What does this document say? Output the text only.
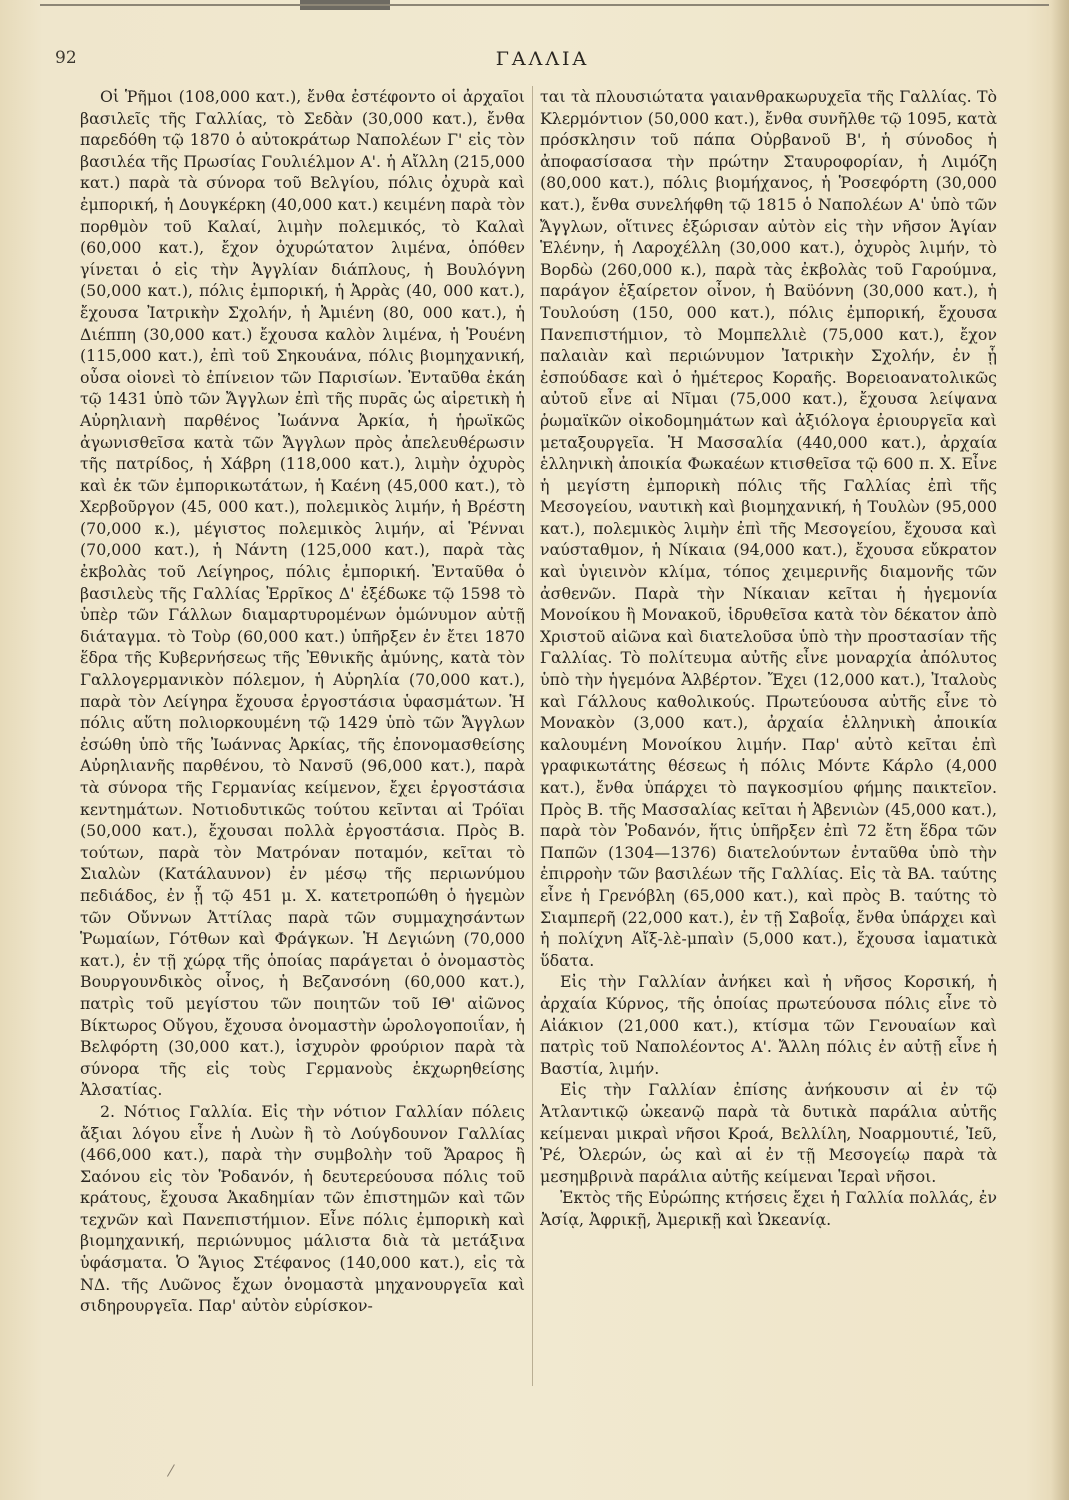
92	ΓΑΛΛΙΑ

Οἱ Ῥῆμοι (108,000 κατ.), ἔνθα ἐστέφοντο οἱ ἀρχαῖοι βασιλεῖς τῆς Γαλλίας, τὸ Σεδὰν (30,000 κατ.), ἔνθα παρεδόθη τῷ 1870 ὁ αὐτοκράτωρ Ναπολέων Γ' εἰς τὸν βασιλέα τῆς Πρωσίας Γουλιέλμον Α'. ἡ Αἴλλη (215,000 κατ.) παρὰ τὰ σύνορα τοῦ Βελγίου, πόλις ὀχυρὰ καὶ ἐμπορική, ἡ Δουγκέρκη (40,000 κατ.) κειμένη παρὰ τὸν πορθμὸν τοῦ Καλαί, λιμὴν πολεμικός, τὸ Καλαὶ (60,000 κατ.), ἔχον ὀχυρώτατον λιμένα, ὁπόθεν γίνεται ὁ εἰς τὴν Ἀγγλίαν διάπλους, ἡ Βουλόγνη (50,000 κατ.), πόλις ἐμπορική, ἡ Ἀρρὰς (40, 000 κατ.), ἔχουσα Ἰατρικὴν Σχολήν, ἡ Ἀμιένη (80, 000 κατ.), ἡ Διέππη (30,000 κατ.) ἔχουσα καλὸν λιμένα, ἡ Ῥουένη (115,000 κατ.), ἐπὶ τοῦ Σηκουάνα, πόλις βιομηχανική, οὖσα οἱονεὶ τὸ ἐπίνειον τῶν Παρισίων. Ἐνταῦθα ἐκάη τῷ 1431 ὑπὸ τῶν Ἄγγλων ἐπὶ τῆς πυρᾶς ὡς αἱρετικὴ ἡ Αὐρηλιανὴ παρθένος Ἰωάννα Ἀρκία, ἡ ἡρωϊκῶς ἀγωνισθεῖσα κατὰ τῶν Ἄγγλων πρὸς ἀπελευθέρωσιν τῆς πατρίδος, ἡ Χάβρη (118,000 κατ.), λιμὴν ὀχυρὸς καὶ ἐκ τῶν ἐμπορικωτάτων, ἡ Καένη (45,000 κατ.), τὸ Χερβοῦργον (45, 000 κατ.), πολεμικὸς λιμήν, ἡ Βρέστη (70,000 κ.), μέγιστος πολεμικὸς λιμήν, αἱ Ῥένναι (70,000 κατ.), ἡ Νάντη (125,000 κατ.), παρὰ τὰς ἐκβολὰς τοῦ Λείγηρος, πόλις ἐμπορική. Ἐνταῦθα ὁ βασιλεὺς τῆς Γαλλίας Ἐρρῖκος Δ' ἐξέδωκε τῷ 1598 τὸ ὑπὲρ τῶν Γάλλων διαμαρτυρομένων ὁμώνυμον αὐτῇ διάταγμα. τὸ Τοὺρ (60,000 κατ.) ὑπῆρξεν ἐν ἔτει 1870 ἕδρα τῆς Κυβερνήσεως τῆς Ἐθνικῆς ἀμύνης, κατὰ τὸν Γαλλογερμανικὸν πόλεμον, ἡ Αὐρηλία (70,000 κατ.), παρὰ τὸν Λείγηρα ἔχουσα ἐργοστάσια ὑφασμάτων. Ἡ πόλις αὕτη πολιορκουμένη τῷ 1429 ὑπὸ τῶν Ἄγγλων ἐσώθη ὑπὸ τῆς Ἰωάννας Ἀρκίας, τῆς ἐπονομασθείσης Αὐρηλιανῆς παρθένου, τὸ Νανσῦ (96,000 κατ.), παρὰ τὰ σύνορα τῆς Γερμανίας κείμενον, ἔχει ἐργοστάσια κεντημάτων. Νοτιοδυτικῶς τούτου κεῖνται αἱ Τρόϊαι (50,000 κατ.), ἔχουσαι πολλὰ ἐργοστάσια. Πρὸς Β. τούτων, παρὰ τὸν Ματρόναν ποταμόν, κεῖται τὸ Σιαλὼν (Κατάλαυνον) ἐν μέσῳ τῆς περιωνύμου πεδιάδος, ἐν ᾗ τῷ 451 μ. Χ. κατετροπώθη ὁ ἡγεμὼν τῶν Οὔννων Ἀττίλας παρὰ τῶν συμμαχησάντων Ῥωμαίων, Γότθων καὶ Φράγκων. Ἡ Δεγιώνη (70,000 κατ.), ἐν τῇ χώρᾳ τῆς ὁποίας παράγεται ὁ ὀνομαστὸς Βουργουνδικὸς οἶνος, ἡ Βεζανσόνη (60,000 κατ.), πατρὶς τοῦ μεγίστου τῶν ποιητῶν τοῦ ΙΘ' αἰῶνος Βίκτωρος Οὔγου, ἔχουσα ὀνομαστὴν ὡρολογοποιΐαν, ἡ Βελφόρτη (30,000 κατ.), ἰσχυρὸν φρούριον παρὰ τὰ σύνορα τῆς εἰς τοὺς Γερμανοὺς ἐκχωρηθείσης Ἀλσατίας.

2. Νότιος Γαλλία. Εἰς τὴν νότιον Γαλλίαν πόλεις ἄξιαι λόγου εἶνε ἡ Λυὼν ἢ τὸ Λούγδουνον Γαλλίας (466,000 κατ.), παρὰ τὴν συμβολὴν τοῦ Ἄραρος ἢ Σαόνου εἰς τὸν Ῥοδανόν, ἡ δευτερεύουσα πόλις τοῦ κράτους, ἔχουσα Ἀκαδημίαν τῶν ἐπιστημῶν καὶ τῶν τεχνῶν καὶ Πανεπιστήμιον. Εἶνε πόλις ἐμπορικὴ καὶ βιομηχανική, περιώνυμος μάλιστα διὰ τὰ μετάξινα ὑφάσματα. Ὁ Ἅγιος Στέφανος (140,000 κατ.), εἰς τὰ ΝΔ. τῆς Λυῶνος ἔχων ὀνομαστὰ μηχανουργεῖα καὶ σιδηρουργεῖα. Παρ' αὐτὸν εὑρίσκον-

ται τὰ πλουσιώτατα γαιανθρακωρυχεῖα τῆς Γαλλίας. Τὸ Κλερμόντιον (50,000 κατ.), ἔνθα συνῆλθε τῷ 1095, κατὰ πρόσκλησιν τοῦ πάπα Οὐρβανοῦ Β', ἡ σύνοδος ἡ ἀποφασίσασα τὴν πρώτην Σταυροφορίαν, ἡ Λιμόζη (80,000 κατ.), πόλις βιομήχανος, ἡ Ῥοσεφόρτη (30,000 κατ.), ἔνθα συνελήφθη τῷ 1815 ὁ Ναπολέων Α' ὑπὸ τῶν Ἄγγλων, οἵτινες ἐξώρισαν αὐτὸν εἰς τὴν νῆσον Ἁγίαν Ἑλένην, ἡ Λαροχέλλη (30,000 κατ.), ὀχυρὸς λιμήν, τὸ Βορδὼ (260,000 κ.), παρὰ τὰς ἐκβολὰς τοῦ Γαρούμνα, παράγον ἐξαίρετον οἶνον, ἡ Βαϋόννη (30,000 κατ.), ἡ Τουλούση (150, 000 κατ.), πόλις ἐμπορική, ἔχουσα Πανεπιστήμιον, τὸ Μομπελλιὲ (75,000 κατ.), ἔχον παλαιὰν καὶ περιώνυμον Ἰατρικὴν Σχολήν, ἐν ᾗ ἐσπούδασε καὶ ὁ ἡμέτερος Κοραῆς. Βορειοανατολικῶς αὐτοῦ εἶνε αἱ Νῖμαι (75,000 κατ.), ἔχουσα λείψανα ῥωμαϊκῶν οἰκοδομημάτων καὶ ἀξιόλογα ἐριουργεῖα καὶ μεταξουργεῖα. Ἡ Μασσαλία (440,000 κατ.), ἀρχαία ἑλληνικὴ ἀποικία Φωκαέων κτισθεῖσα τῷ 600 π. Χ. Εἶνε ἡ μεγίστη ἐμπορικὴ πόλις τῆς Γαλλίας ἐπὶ τῆς Μεσογείου, ναυτικὴ καὶ βιομηχανική, ἡ Τουλὼν (95,000 κατ.), πολεμικὸς λιμὴν ἐπὶ τῆς Μεσογείου, ἔχουσα καὶ ναύσταθμον, ἡ Νίκαια (94,000 κατ.), ἔχουσα εὔκρατον καὶ ὑγιεινὸν κλίμα, τόπος χειμερινῆς διαμονῆς τῶν ἀσθενῶν. Παρὰ τὴν Νίκαιαν κεῖται ἡ ἡγεμονία Μονοίκου ἢ Μονακοῦ, ἱδρυθεῖσα κατὰ τὸν δέκατον ἀπὸ Χριστοῦ αἰῶνα καὶ διατελοῦσα ὑπὸ τὴν προστασίαν τῆς Γαλλίας. Τὸ πολίτευμα αὐτῆς εἶνε μοναρχία ἀπόλυτος ὑπὸ τὴν ἡγεμόνα Ἀλβέρτον. Ἔχει (12,000 κατ.), Ἰταλοὺς καὶ Γάλλους καθολικούς. Πρωτεύουσα αὐτῆς εἶνε τὸ Μονακὸν (3,000 κατ.), ἀρχαία ἑλληνικὴ ἀποικία καλουμένη Μονοίκου λιμήν. Παρ' αὐτὸ κεῖται ἐπὶ γραφικωτάτης θέσεως ἡ πόλις Μόντε Κάρλο (4,000 κατ.), ἔνθα ὑπάρχει τὸ παγκοσμίου φήμης παικτεῖον. Πρὸς Β. τῆς Μασσαλίας κεῖται ἡ Ἀβενιὼν (45,000 κατ.), παρὰ τὸν Ῥοδανόν, ἥτις ὑπῆρξεν ἐπὶ 72 ἔτη ἕδρα τῶν Παπῶν (1304—1376) διατελούντων ἐνταῦθα ὑπὸ τὴν ἐπιρροὴν τῶν βασιλέων τῆς Γαλλίας. Εἰς τὰ ΒΑ. ταύτης εἶνε ἡ Γρενόβλη (65,000 κατ.), καὶ πρὸς Β. ταύτης τὸ Σιαμπερῆ (22,000 κατ.), ἐν τῇ Σαβοΐᾳ, ἔνθα ὑπάρχει καὶ ἡ πολίχνη Αἴξ-λὲ-μπαὶν (5,000 κατ.), ἔχουσα ἰαματικὰ ὕδατα.

Εἰς τὴν Γαλλίαν ἀνήκει καὶ ἡ νῆσος Κορσική, ἡ ἀρχαία Κύρνος, τῆς ὁποίας πρωτεύουσα πόλις εἶνε τὸ Αἰάκιον (21,000 κατ.), κτίσμα τῶν Γενουαίων καὶ πατρὶς τοῦ Ναπολέοντος Α'. Ἄλλη πόλις ἐν αὐτῇ εἶνε ἡ Βαστία, λιμήν.

Εἰς τὴν Γαλλίαν ἐπίσης ἀνήκουσιν αἱ ἐν τῷ Ἀτλαντικῷ ὠκεανῷ παρὰ τὰ δυτικὰ παράλια αὐτῆς κείμεναι μικραὶ νῆσοι Κροά, Βελλίλη, Νοαρμουτιέ, Ἰεῦ, Ῥέ, Ὀλερών, ὡς καὶ αἱ ἐν τῇ Μεσογείῳ παρὰ τὰ μεσημβρινὰ παράλια αὐτῆς κείμεναι Ἱεραὶ νῆσοι.

Ἐκτὸς τῆς Εὐρώπης κτήσεις ἔχει ἡ Γαλλία πολλάς, ἐν Ἀσίᾳ, Ἀφρικῇ, Ἀμερικῇ καὶ Ὠκεανίᾳ.
